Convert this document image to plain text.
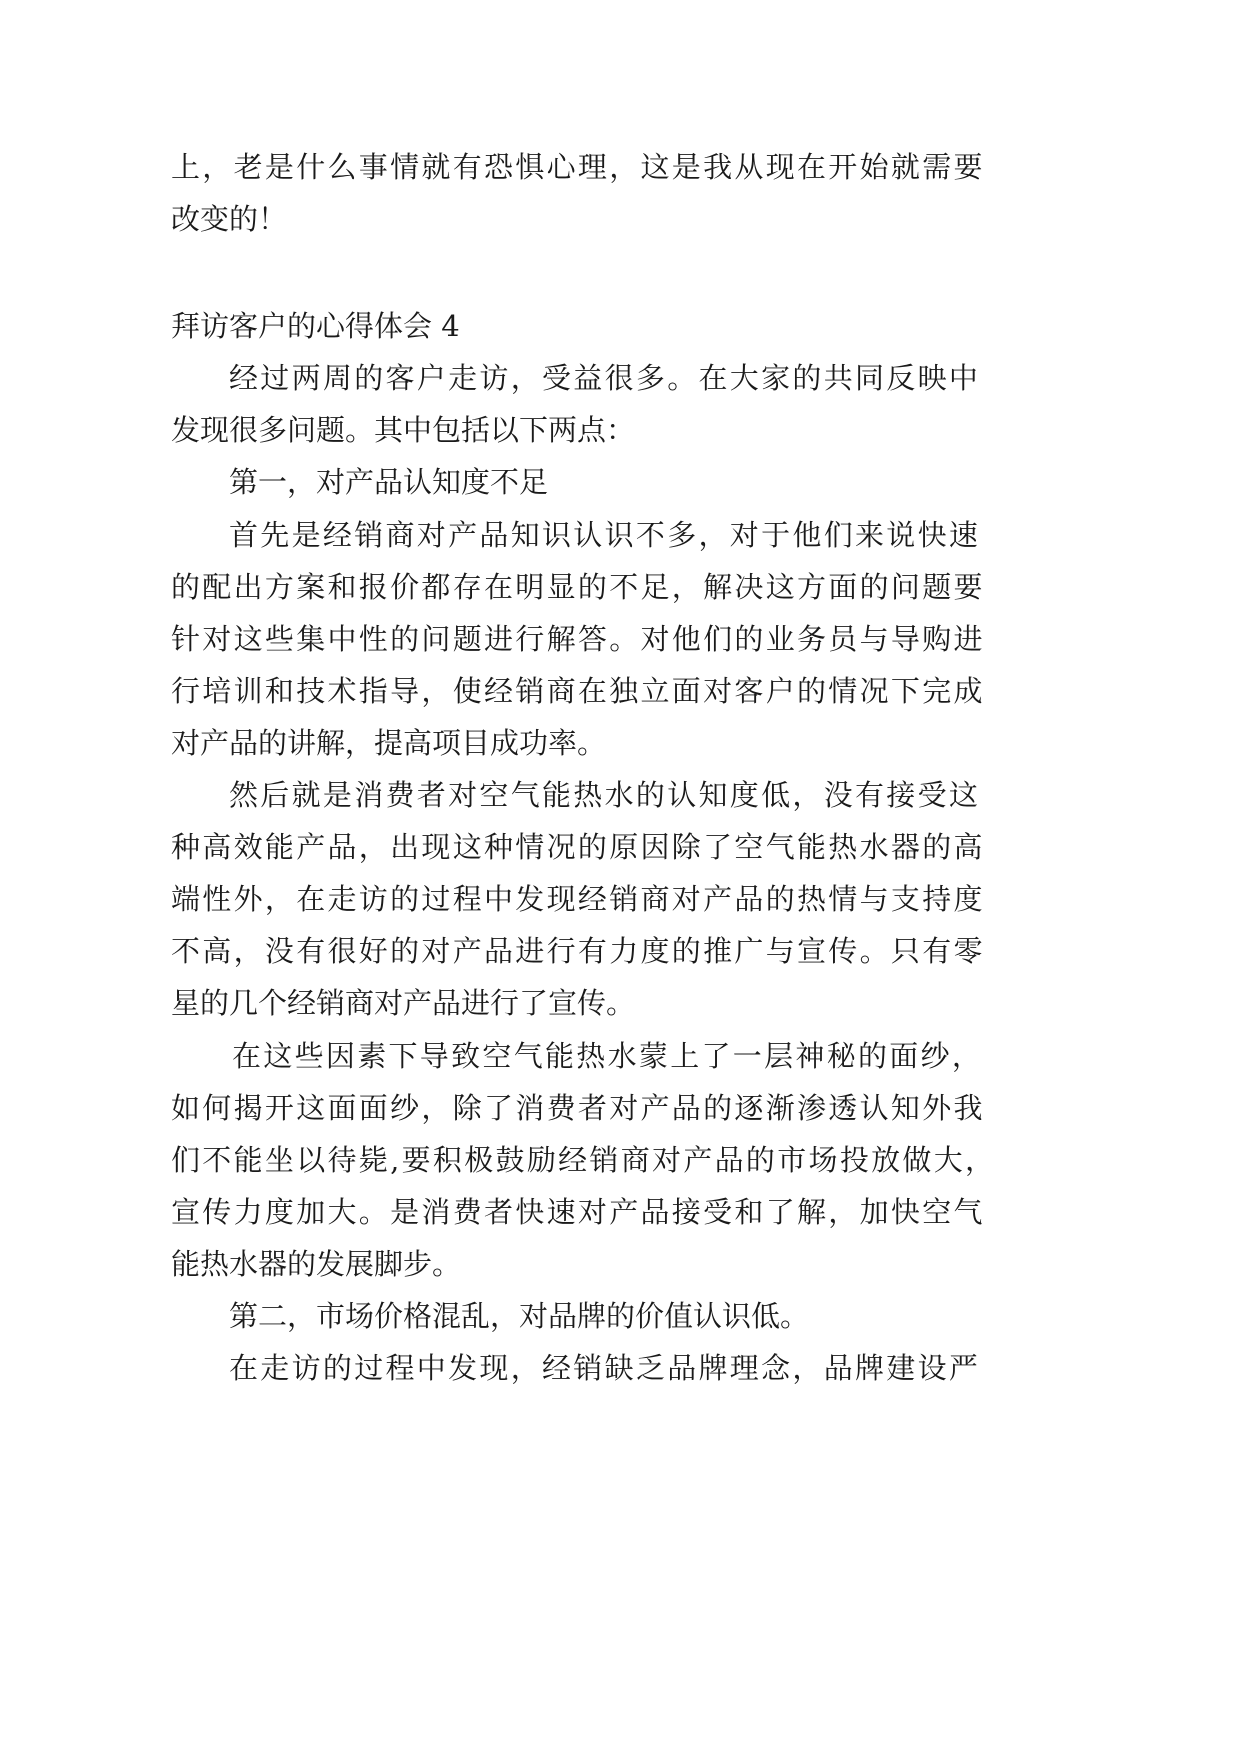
上，老是什么事情就有恐惧心理，这是我从现在开始就需要

改变的！

拜访客户的心得体会 4

经过两周的客户走访，受益很多。在大家的共同反映中

发现很多问题。其中包括以下两点：

第一，对产品认知度不足

首先是经销商对产品知识认识不多，对于他们来说快速

的配出方案和报价都存在明显的不足，解决这方面的问题要

针对这些集中性的问题进行解答。对他们的业务员与导购进

行培训和技术指导，使经销商在独立面对客户的情况下完成

对产品的讲解，提高项目成功率。

然后就是消费者对空气能热水的认知度低，没有接受这

种高效能产品，出现这种情况的原因除了空气能热水器的高

端性外，在走访的过程中发现经销商对产品的热情与支持度

不高，没有很好的对产品进行有力度的推广与宣传。只有零

星的几个经销商对产品进行了宣传。

在这些因素下导致空气能热水蒙上了一层神秘的面纱，

如何揭开这面面纱，除了消费者对产品的逐渐渗透认知外我

们不能坐以待毙,要积极鼓励经销商对产品的市场投放做大，

宣传力度加大。是消费者快速对产品接受和了解，加快空气

能热水器的发展脚步。

第二，市场价格混乱，对品牌的价值认识低。

在走访的过程中发现，经销缺乏品牌理念，品牌建设严
